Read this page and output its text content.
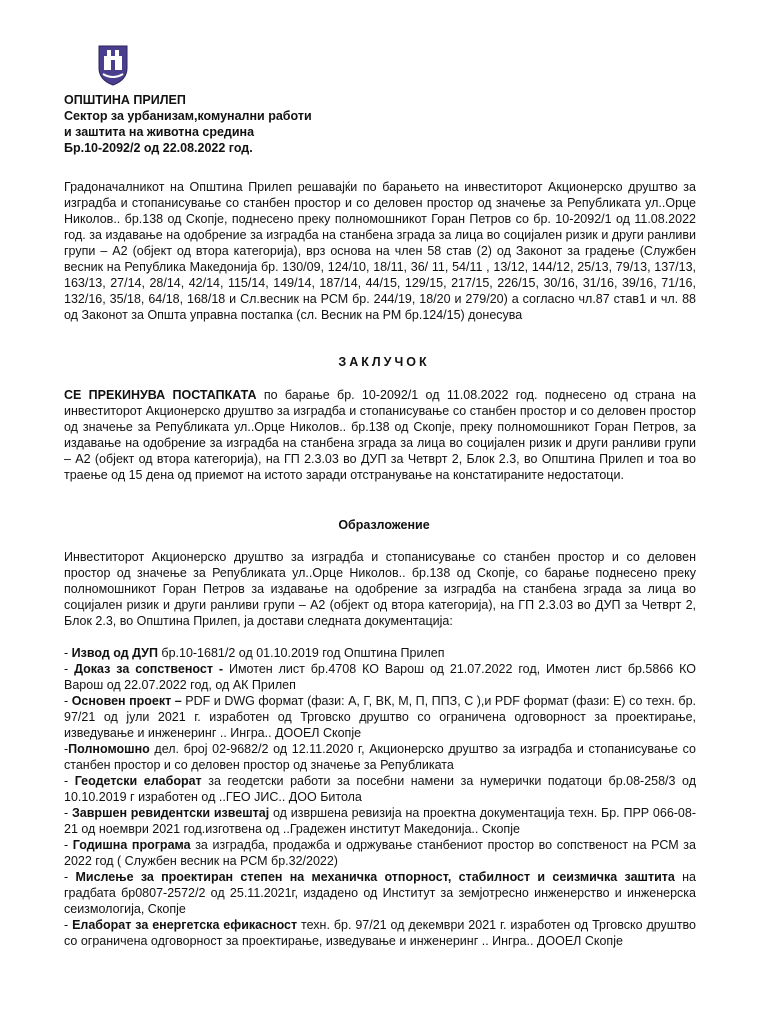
ОПШТИНА ПРИЛЕП
Сектор за урбанизам,комунални работи
и заштита на животна средина
Бр.10-2092/2 од 22.08.2022 год.
Градоначалникот на Општина Прилеп решавајќи по барањето на инвеститорот Акционерско друштво за изградба и стопанисување со станбен простор и со деловен простор од значење за Републиката ул..Орце Николов.. бр.138 од Скопје, поднесено преку полномошникот Горан Петров со бр. 10-2092/1 од 11.08.2022 год. за издавање на одобрение за изградба на станбена зграда за лица во социјален ризик и други ранливи групи – А2 (објект од втора категорија), врз основа на член 58 став (2) од Законот за градење (Службен весник на Република Македонија бр. 130/09, 124/10, 18/11, 36/ 11, 54/11 , 13/12, 144/12, 25/13, 79/13, 137/13, 163/13, 27/14, 28/14, 42/14, 115/14, 149/14, 187/14, 44/15, 129/15, 217/15, 226/15, 30/16, 31/16, 39/16, 71/16, 132/16, 35/18, 64/18, 168/18 и Сл.весник на РСМ бр. 244/19, 18/20 и 279/20) а согласно чл.87 став1 и чл. 88 од Законот за Општа управна постапка (сл. Весник на РМ бр.124/15) донесува
ЗАКЛУЧОК
СЕ ПРЕКИНУВА ПОСТАПКАТА по барање бр. 10-2092/1 од 11.08.2022 год. поднесено од страна на инвеститорот Акционерско друштво за изградба и стопанисување со станбен простор и со деловен простор од значење за Републиката ул..Орце Николов.. бр.138 од Скопје, преку полномошникот Горан Петров, за издавање на одобрение за изградба на станбена зграда за лица во социјален ризик и други ранливи групи – А2 (објект од втора категорија), на ГП 2.3.03 во ДУП за Четврт 2, Блок 2.3, во Општина Прилеп и тоа во траење од 15 дена од приемот на истото заради отстранување на констатираните недостатоци.
Образложение
Инвеститорот Акционерско друштво за изградба и стопанисување со станбен простор и со деловен простор од значење за Републиката ул..Орце Николов.. бр.138 од Скопје, со барање поднесено преку полномошникот Горан Петров за издавање на одобрение за изградба на станбена зграда за лица во социјален ризик и други ранливи групи – А2 (објект од втора категорија), на ГП 2.3.03 во ДУП за Четврт 2, Блок 2.3, во Општина Прилеп, ја достави следната документација:

- Извод од ДУП бр.10-1681/2 од 01.10.2019 год Општина Прилеп

- Доказ за сопственост - Имотен лист бр.4708 КО Варош од 21.07.2022 год, Имотен лист бр.5866 КО Варош од 22.07.2022 год, од АК Прилеп

- Основен проект – PDF и DWG формат (фази: А, Г, ВК, М, П, ППЗ, С ),и PDF формат (фази: Е) со техн. бр. 97/21 од јули 2021 г. изработен од Трговско друштво со ограничена одговорност за проектирање, изведување и инженеринг .. Ингра.. ДООЕЛ Скопје

-Полномошно дел. број 02-9682/2 од 12.11.2020 г, Акционерско друштво за изградба и стопанисување со станбен простор и со деловен простор од значење за Републиката

- Геодетски елаборат за геодетски работи за посебни намени за нумерички податоци бр.08-258/3 од 10.10.2019 г изработен од ..ГЕО ЈИС.. ДОО Битола

- Завршен ревидентски извештај од извршена ревизија на проектна документација техн. Бр. ПРР 066-08-21 од ноември 2021 год.изготвена од ..Градежен институт Македонија.. Скопје

- Годишна програма за изградба, продажба и одржување станбениот простор во сопственост на РСМ за 2022 год ( Службен весник на РСМ бр.32/2022)

- Мислење за проектиран степен на механичка отпорност, стабилност и сеизмичка заштита на градбата бр0807-2572/2 од 25.11.2021г, издадено од Институт за земјотресно инженерство и инженерска сеизмологија, Скопје

- Елаборат за енергетска ефикасност техн. бр. 97/21 од декември 2021 г. изработен од Трговско друштво со ограничена одговорност за проектирање, изведување и инженеринг .. Ингра.. ДООЕЛ Скопје
